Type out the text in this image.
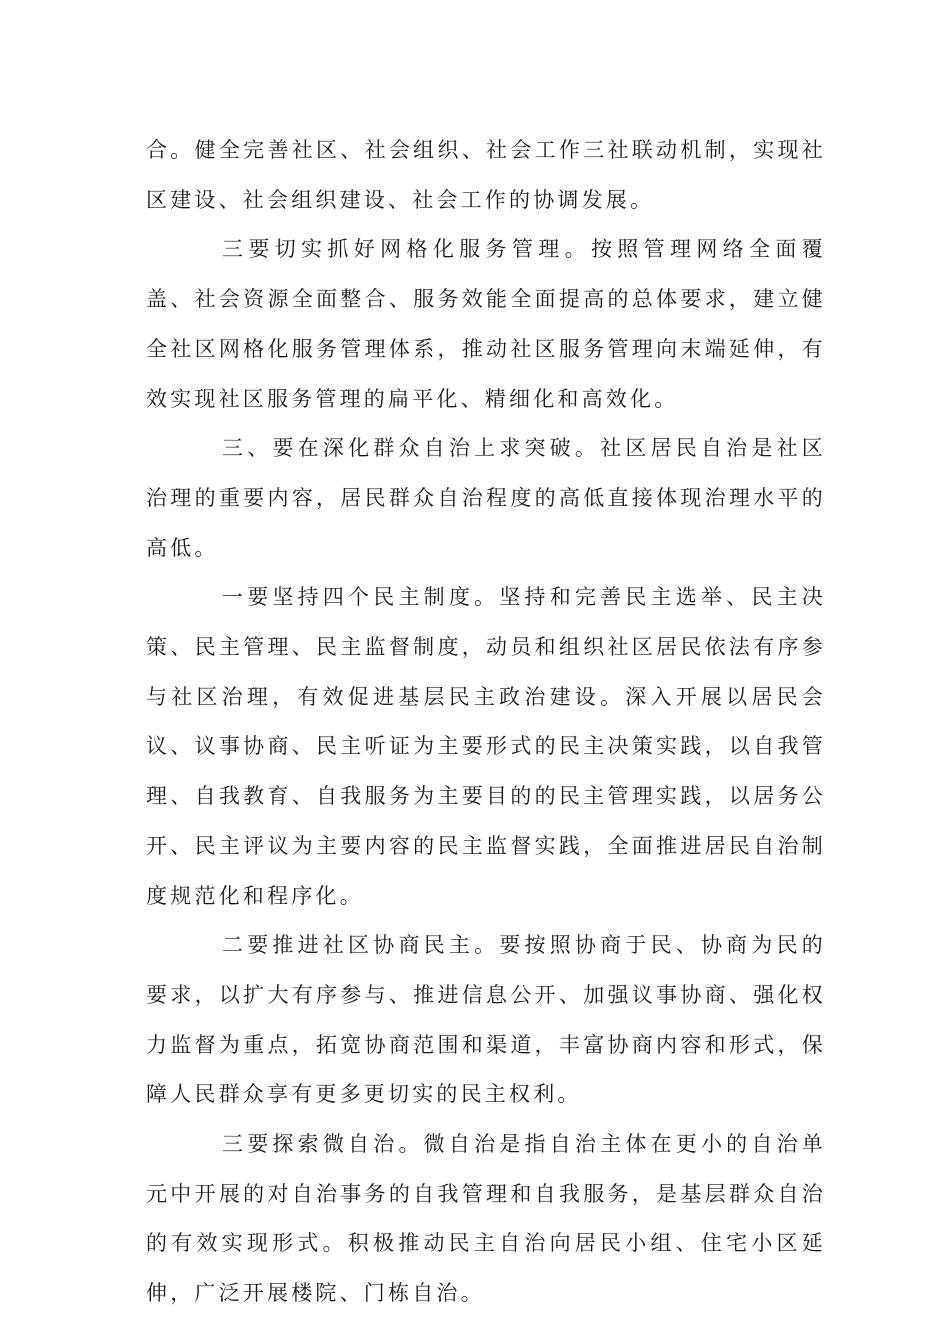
合。健全完善社区、社会组织、社会工作三社联动机制，实现社区建设、社会组织建设、社会工作的协调发展。

三要切实抓好网格化服务管理。按照管理网络全面覆盖、社会资源全面整合、服务效能全面提高的总体要求，建立健全社区网格化服务管理体系，推动社区服务管理向末端延伸，有效实现社区服务管理的扁平化、精细化和高效化。

三、要在深化群众自治上求突破。社区居民自治是社区治理的重要内容，居民群众自治程度的高低直接体现治理水平的高低。

一要坚持四个民主制度。坚持和完善民主选举、民主决策、民主管理、民主监督制度，动员和组织社区居民依法有序参与社区治理，有效促进基层民主政治建设。深入开展以居民会议、议事协商、民主听证为主要形式的民主决策实践，以自我管理、自我教育、自我服务为主要目的的民主管理实践，以居务公开、民主评议为主要内容的民主监督实践，全面推进居民自治制度规范化和程序化。

二要推进社区协商民主。要按照协商于民、协商为民的要求，以扩大有序参与、推进信息公开、加强议事协商、强化权力监督为重点，拓宽协商范围和渠道，丰富协商内容和形式，保障人民群众享有更多更切实的民主权利。

三要探索微自治。微自治是指自治主体在更小的自治单元中开展的对自治事务的自我管理和自我服务，是基层群众自治的有效实现形式。积极推动民主自治向居民小组、住宅小区延伸，广泛开展楼院、门栋自治。
